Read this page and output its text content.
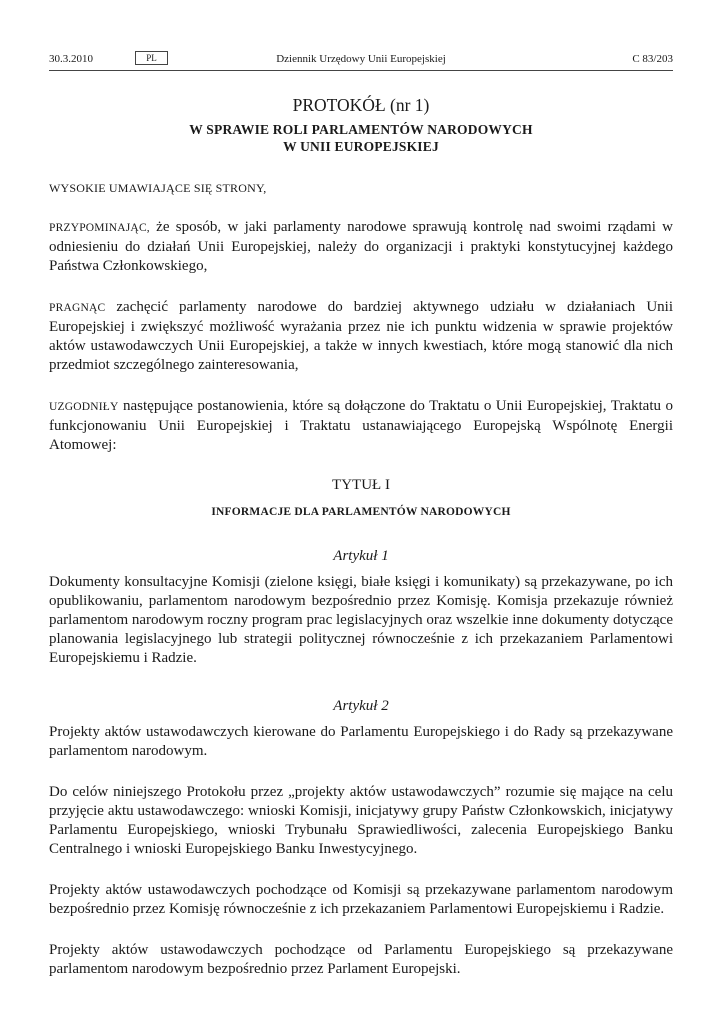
30.3.2010	PL	Dziennik Urzędowy Unii Europejskiej	C 83/203
PROTOKÓŁ (nr 1)
W SPRAWIE ROLI PARLAMENTÓW NARODOWYCH
W UNII EUROPEJSKIEJ

WYSOKIE UMAWIAJĄCE SIĘ STRONY,

PRZYPOMINAJĄC, że sposób, w jaki parlamenty narodowe sprawują kontrolę nad swoimi rządami w odniesieniu do działań Unii Europejskiej, należy do organizacji i praktyki konstytucyjnej każdego Państwa Członkowskiego,

PRAGNĄC zachęcić parlamenty narodowe do bardziej aktywnego udziału w działaniach Unii Europejskiej i zwiększyć możliwość wyrażania przez nie ich punktu widzenia w sprawie projektów aktów ustawodawczych Unii Europejskiej, a także w innych kwestiach, które mogą stanowić dla nich przedmiot szczególnego zainteresowania,

UZGODNIŁY następujące postanowienia, które są dołączone do Traktatu o Unii Europejskiej, Traktatu o funkcjonowaniu Unii Europejskiej i Traktatu ustanawiającego Europejską Wspólnotę Energii Atomowej:

TYTUŁ I
INFORMACJE DLA PARLAMENTÓW NARODOWYCH
Artykuł 1

Dokumenty konsultacyjne Komisji (zielone księgi, białe księgi i komunikaty) są przekazywane, po ich opublikowaniu, parlamentom narodowym bezpośrednio przez Komisję. Komisja przekazuje również parlamentom narodowym roczny program prac legislacyjnych oraz wszelkie inne dokumenty dotyczące planowania legislacyjnego lub strategii politycznej równocześnie z ich przekazaniem Parlamentowi Europejskiemu i Radzie.

Artykuł 2

Projekty aktów ustawodawczych kierowane do Parlamentu Europejskiego i do Rady są przekazywane parlamentom narodowym.

Do celów niniejszego Protokołu przez „projekty aktów ustawodawczych” rozumie się mające na celu przyjęcie aktu ustawodawczego: wnioski Komisji, inicjatywy grupy Państw Członkowskich, inicjatywy Parlamentu Europejskiego, wnioski Trybunału Sprawiedliwości, zalecenia Europejskiego Banku Centralnego i wnioski Europejskiego Banku Inwestycyjnego.

Projekty aktów ustawodawczych pochodzące od Komisji są przekazywane parlamentom narodowym bezpośrednio przez Komisję równocześnie z ich przekazaniem Parlamentowi Europejskiemu i Radzie.

Projekty aktów ustawodawczych pochodzące od Parlamentu Europejskiego są przekazywane parlamentom narodowym bezpośrednio przez Parlament Europejski.
